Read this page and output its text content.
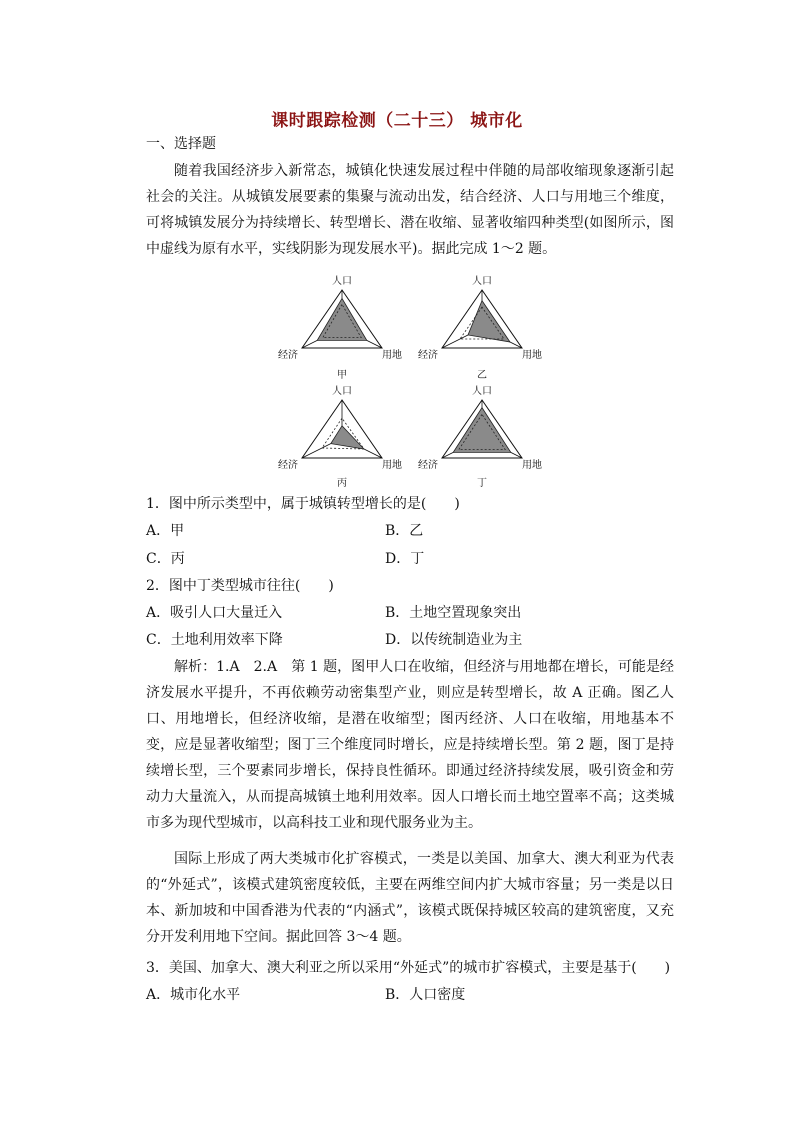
课时跟踪检测（二十三） 城市化
一、选择题
随着我国经济步入新常态，城镇化快速发展过程中伴随的局部收缩现象逐渐引起社会的关注。从城镇发展要素的集聚与流动出发，结合经济、人口与用地三个维度，可将城镇发展分为持续增长、转型增长、潜在收缩、显著收缩四种类型(如图所示，图中虚线为原有水平，实线阴影为现发展水平)。据此完成 1～2 题。
人口
经济	用地
甲
人口
经济	用地
乙
人口
经济	用地
丙
人口
经济	用地
丁
1．图中所示类型中，属于城镇转型增长的是(　　)
A．甲	B．乙
C．丙	D．丁
2．图中丁类型城市往往(　　)
A．吸引人口大量迁入	B．土地空置现象突出
C．土地利用效率下降	D．以传统制造业为主
解析：1.A　2.A　第 1 题，图甲人口在收缩，但经济与用地都在增长，可能是经济发展水平提升，不再依赖劳动密集型产业，则应是转型增长，故 A 正确。图乙人口、用地增长，但经济收缩，是潜在收缩型；图丙经济、人口在收缩，用地基本不变，应是显著收缩型；图丁三个维度同时增长，应是持续增长型。第 2 题，图丁是持续增长型，三个要素同步增长，保持良性循环。即通过经济持续发展，吸引资金和劳动力大量流入，从而提高城镇土地利用效率。因人口增长而土地空置率不高；这类城市多为现代型城市，以高科技工业和现代服务业为主。
国际上形成了两大类城市化扩容模式，一类是以美国、加拿大、澳大利亚为代表的“外延式”，该模式建筑密度较低，主要在两维空间内扩大城市容量；另一类是以日本、新加坡和中国香港为代表的“内涵式”，该模式既保持城区较高的建筑密度，又充分开发利用地下空间。据此回答 3～4 题。
3．美国、加拿大、澳大利亚之所以采用“外延式”的城市扩容模式，主要是基于(　　)
A．城市化水平	B．人口密度
